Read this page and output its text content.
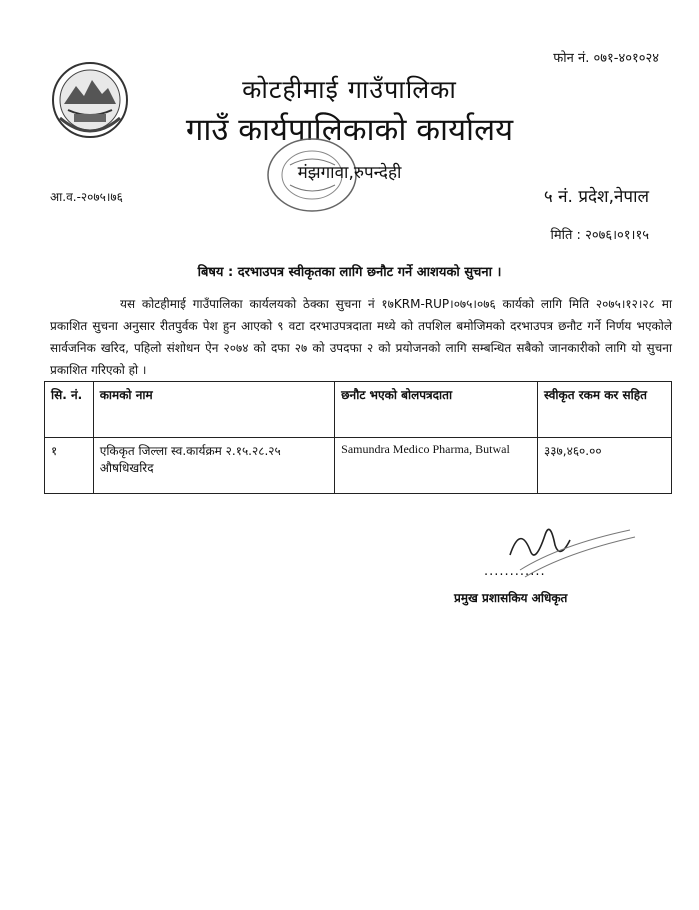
फोन नं. ०७१-४०१०२४
कोटहीमाई गाउँपालिका
गाउँ कार्यपालिकाको कार्यालय
मंझगावा,रुपन्देही
आ.व.-२०७५।७६	५ नं. प्रदेश,नेपाल
मिति : २०७६।०१।१५
बिषय : दरभाउपत्र स्वीकृतका लागि छनौट गर्ने आशयको सुचना ।
यस कोटहीमाई गाउँपालिका कार्यलयको ठेक्का सुचना नं १७KRM-RUP।०७५।०७६ कार्यको लागि मिति २०७५।१२।२८ मा प्रकाशित सुचना अनुसार रीतपुर्वक पेश हुन आएको ९ वटा दरभाउपत्रदाता मध्ये को तपशिल बमोजिमको दरभाउपत्र छनौट गर्ने निर्णय भएकोले सार्वजनिक खरिद, पहिलो संशोधन ऐन २०७४ को दफा २७ को उपदफा २ को प्रयोजनको लागि सम्बन्धित सबैको जानकारीको लागि यो सुचना प्रकाशित गरिएको हो ।
सि. नं.	कामको नाम	छनौट भएको बोलपत्रदाता	स्वीकृत रकम कर सहित
१	एकिकृत जिल्ला स्व.कार्यक्रम २.१५.२८.२५ औषधिखरिद	Samundra Medico Pharma, Butwal	३३७,४६०.००
............
प्रमुख प्रशासकिय अधिकृत
